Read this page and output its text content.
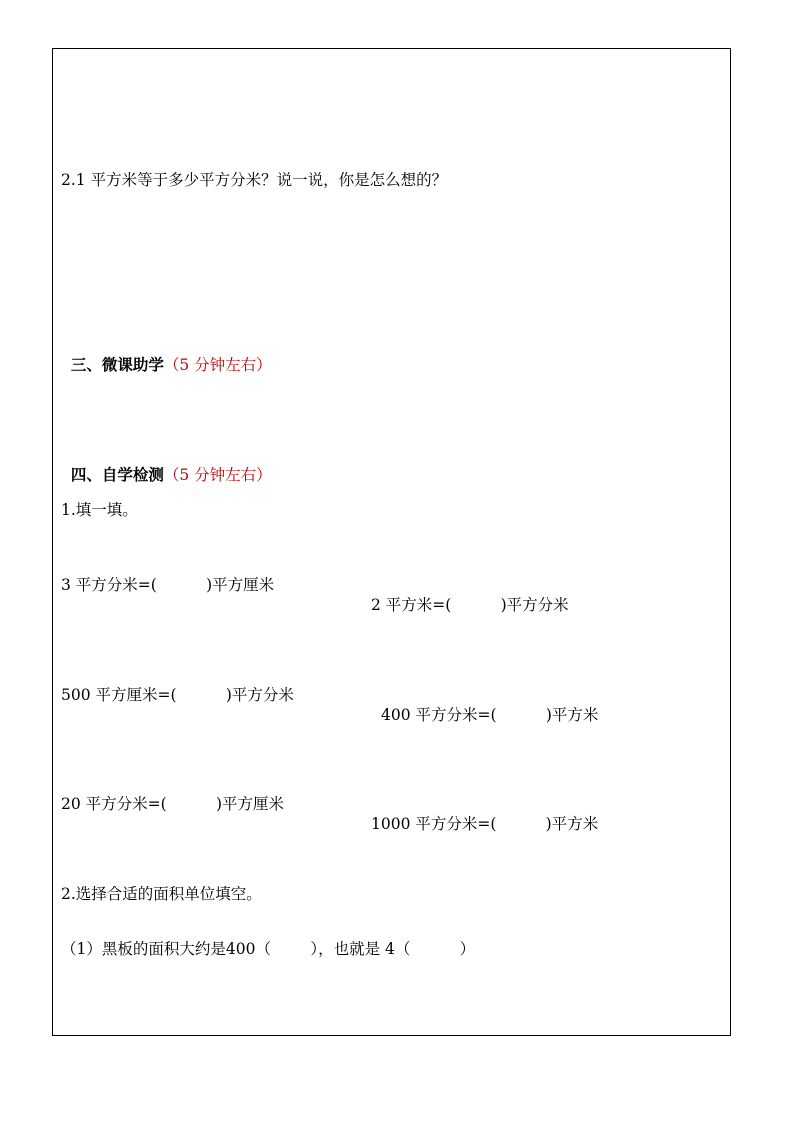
2.1 平方米等于多少平方分米？说一说，你是怎么想的？

三、微课助学（5 分钟左右）

四、自学检测（5 分钟左右）

1.填一填。

3 平方分米=(          )平方厘米

2 平方米=(          )平方分米

500 平方厘米=(          )平方分米

400 平方分米=(          )平方米

20 平方分米=(          )平方厘米

1000 平方分米=(          )平方米

2.选择合适的面积单位填空。
（1）黑板的面积大约是400（        ），也就是 4（          ）
